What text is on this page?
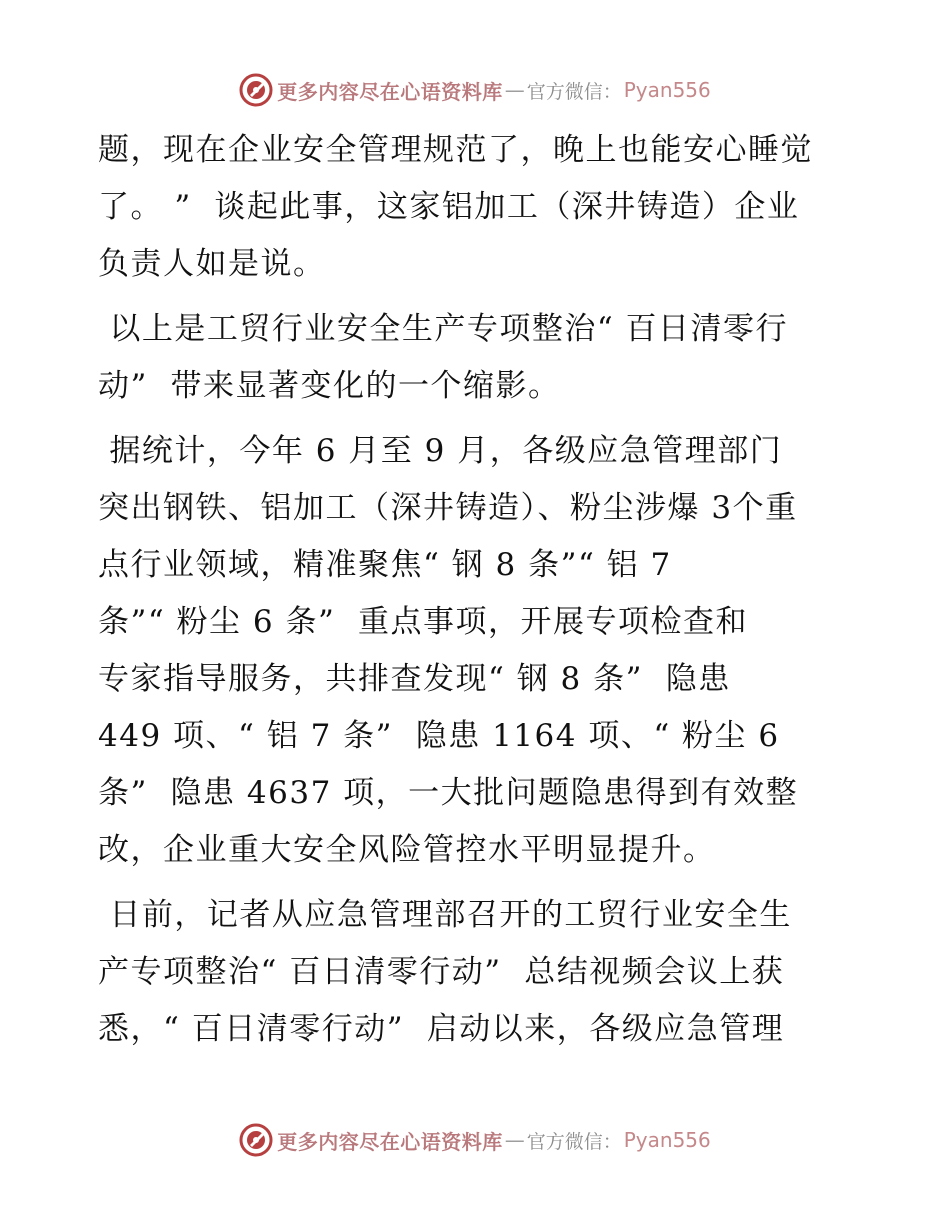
更多内容尽在心语资料库 — 官方微信： Pyan556
题，现在企业安全管理规范了，晚上也能安心睡觉
了。 ”  谈起此事，这家铝加工（深井铸造）企业
负责人如是说。
以上是工贸行业安全生产专项整治“ 百日清零行
动”  带来显著变化的一个缩影。
据统计，今年 6 月至 9 月，各级应急管理部门
突出钢铁、铝加工（深井铸造）、粉尘涉爆 3个重
点行业领域，精准聚焦“ 钢 8 条”“ 铝 7
条”“ 粉尘 6 条”  重点事项，开展专项检查和
专家指导服务，共排查发现“ 钢 8 条”  隐患
449 项、“ 铝 7 条”  隐患 1164 项、“ 粉尘 6
条”  隐患 4637 项，一大批问题隐患得到有效整
改，企业重大安全风险管控水平明显提升。
日前，记者从应急管理部召开的工贸行业安全生
产专项整治“ 百日清零行动”  总结视频会议上获
悉，“ 百日清零行动”  启动以来，各级应急管理
更多内容尽在心语资料库 — 官方微信： Pyan556
